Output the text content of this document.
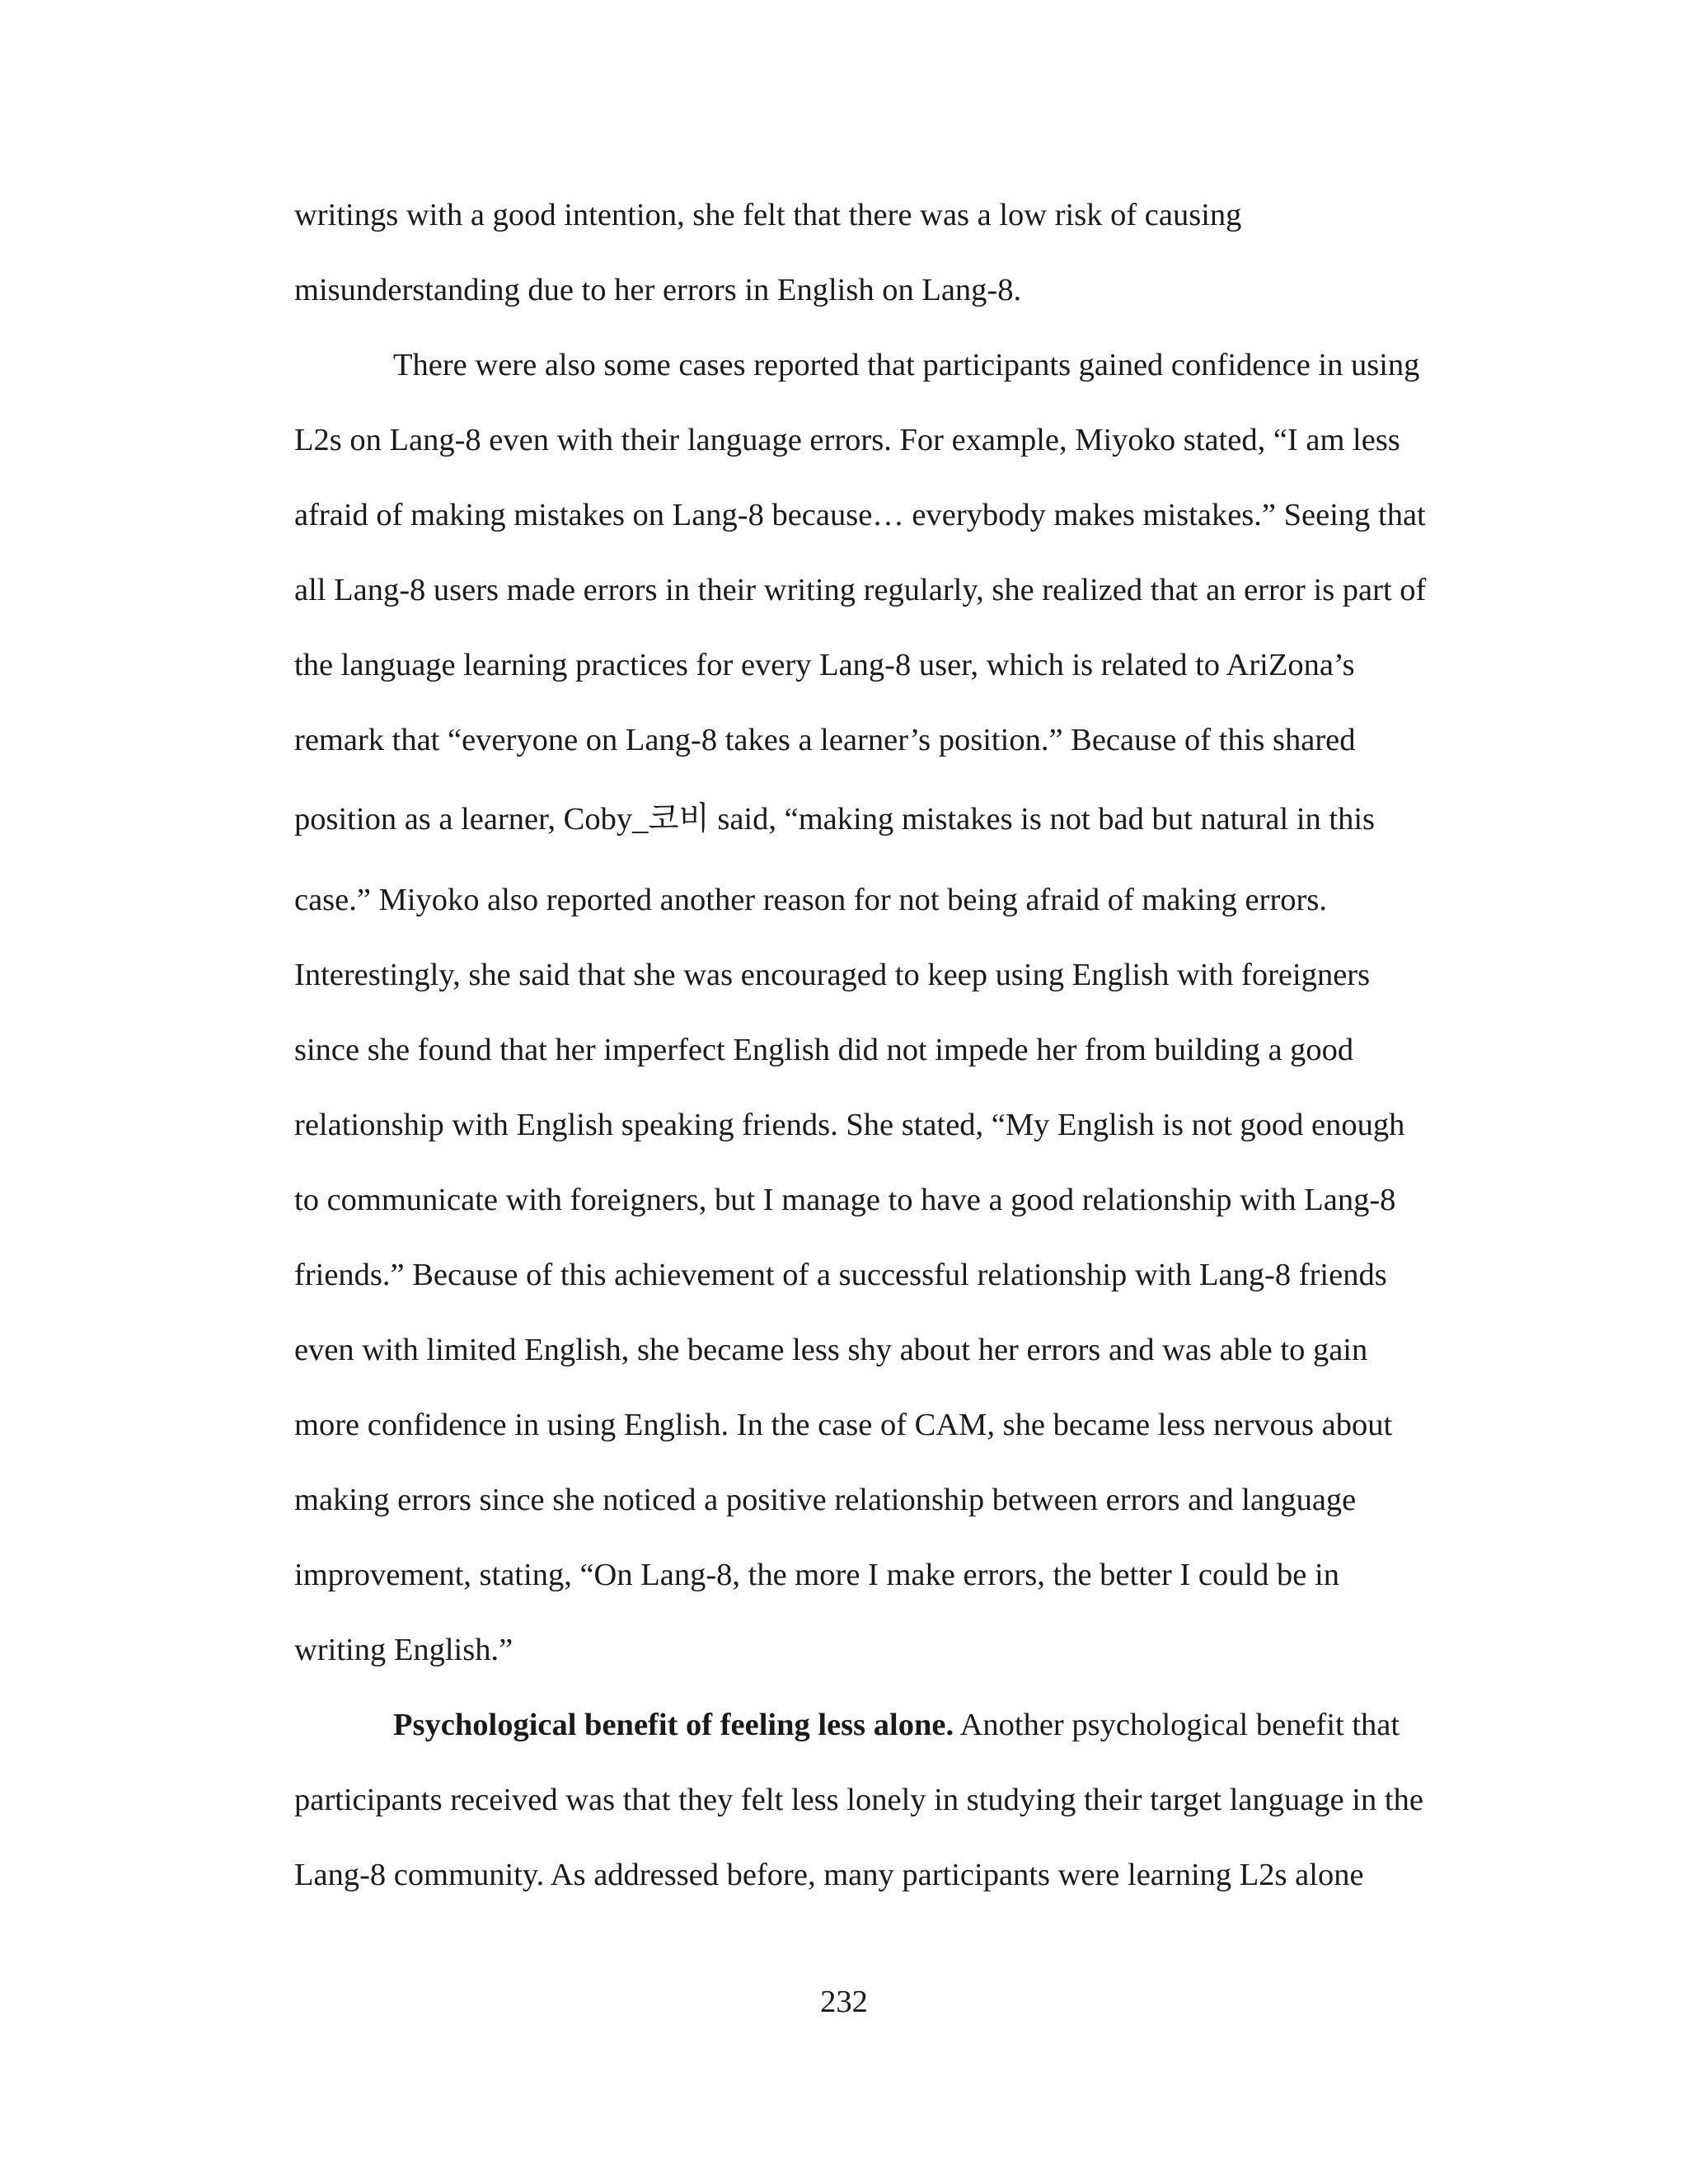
writings with a good intention, she felt that there was a low risk of causing
misunderstanding due to her errors in English on Lang-8.
There were also some cases reported that participants gained confidence in using
L2s on Lang-8 even with their language errors. For example, Miyoko stated, “I am less
afraid of making mistakes on Lang-8 because… everybody makes mistakes.” Seeing that
all Lang-8 users made errors in their writing regularly, she realized that an error is part of
the language learning practices for every Lang-8 user, which is related to AriZona’s
remark that “everyone on Lang-8 takes a learner’s position.” Because of this shared
position as a learner, Coby_코비 said, “making mistakes is not bad but natural in this
case.” Miyoko also reported another reason for not being afraid of making errors.
Interestingly, she said that she was encouraged to keep using English with foreigners
since she found that her imperfect English did not impede her from building a good
relationship with English speaking friends. She stated, “My English is not good enough
to communicate with foreigners, but I manage to have a good relationship with Lang-8
friends.” Because of this achievement of a successful relationship with Lang-8 friends
even with limited English, she became less shy about her errors and was able to gain
more confidence in using English. In the case of CAM, she became less nervous about
making errors since she noticed a positive relationship between errors and language
improvement, stating, “On Lang-8, the more I make errors, the better I could be in
writing English.”
Psychological benefit of feeling less alone. Another psychological benefit that
participants received was that they felt less lonely in studying their target language in the
Lang-8 community. As addressed before, many participants were learning L2s alone
232
